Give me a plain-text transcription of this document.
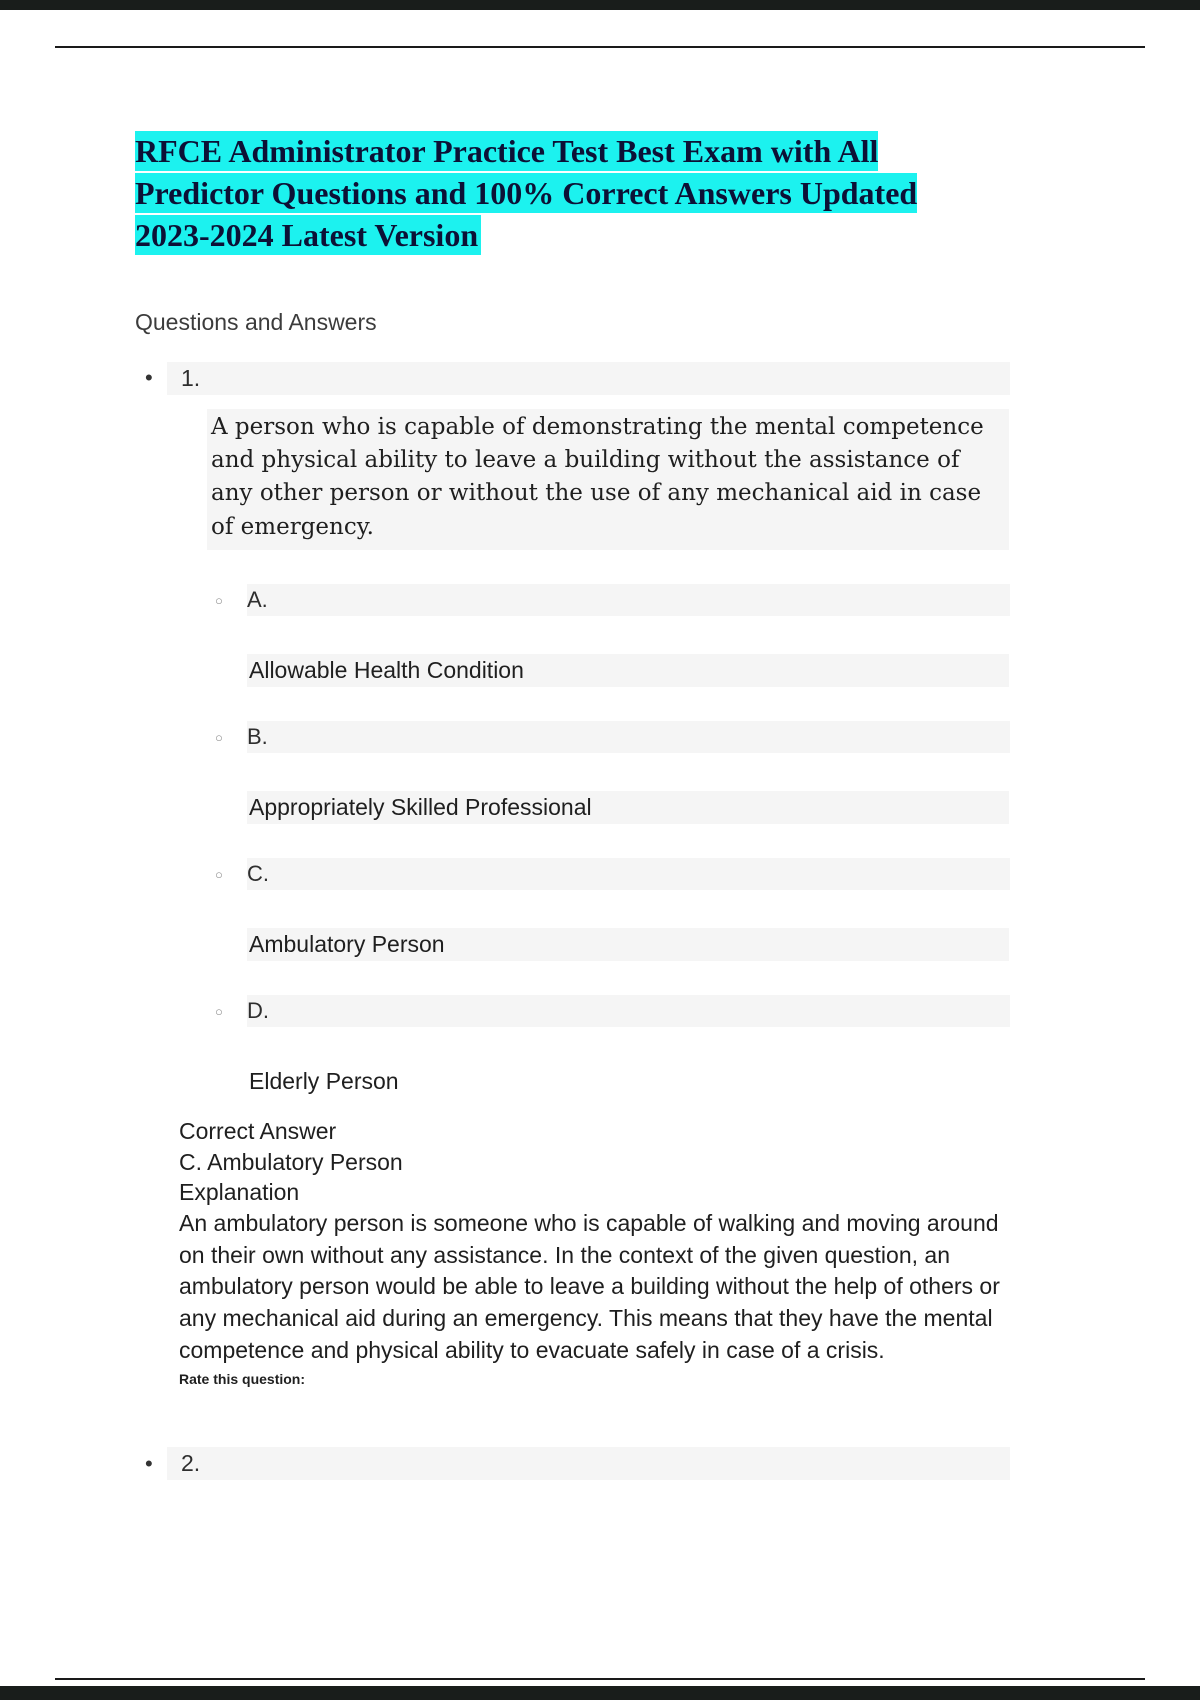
RFCE Administrator Practice Test Best Exam with All Predictor Questions and 100% Correct Answers Updated 2023-2024 Latest Version
Questions and Answers
•	1.
A person who is capable of demonstrating the mental competence and physical ability to leave a building without the assistance of any other person or without the use of any mechanical aid in case of emergency.
○	A.
Allowable Health Condition
○	B.
Appropriately Skilled Professional
○	C.
Ambulatory Person
○	D.
Elderly Person
Correct Answer
C. Ambulatory Person
Explanation
An ambulatory person is someone who is capable of walking and moving around on their own without any assistance. In the context of the given question, an ambulatory person would be able to leave a building without the help of others or any mechanical aid during an emergency. This means that they have the mental competence and physical ability to evacuate safely in case of a crisis.
Rate this question:
•	2.
